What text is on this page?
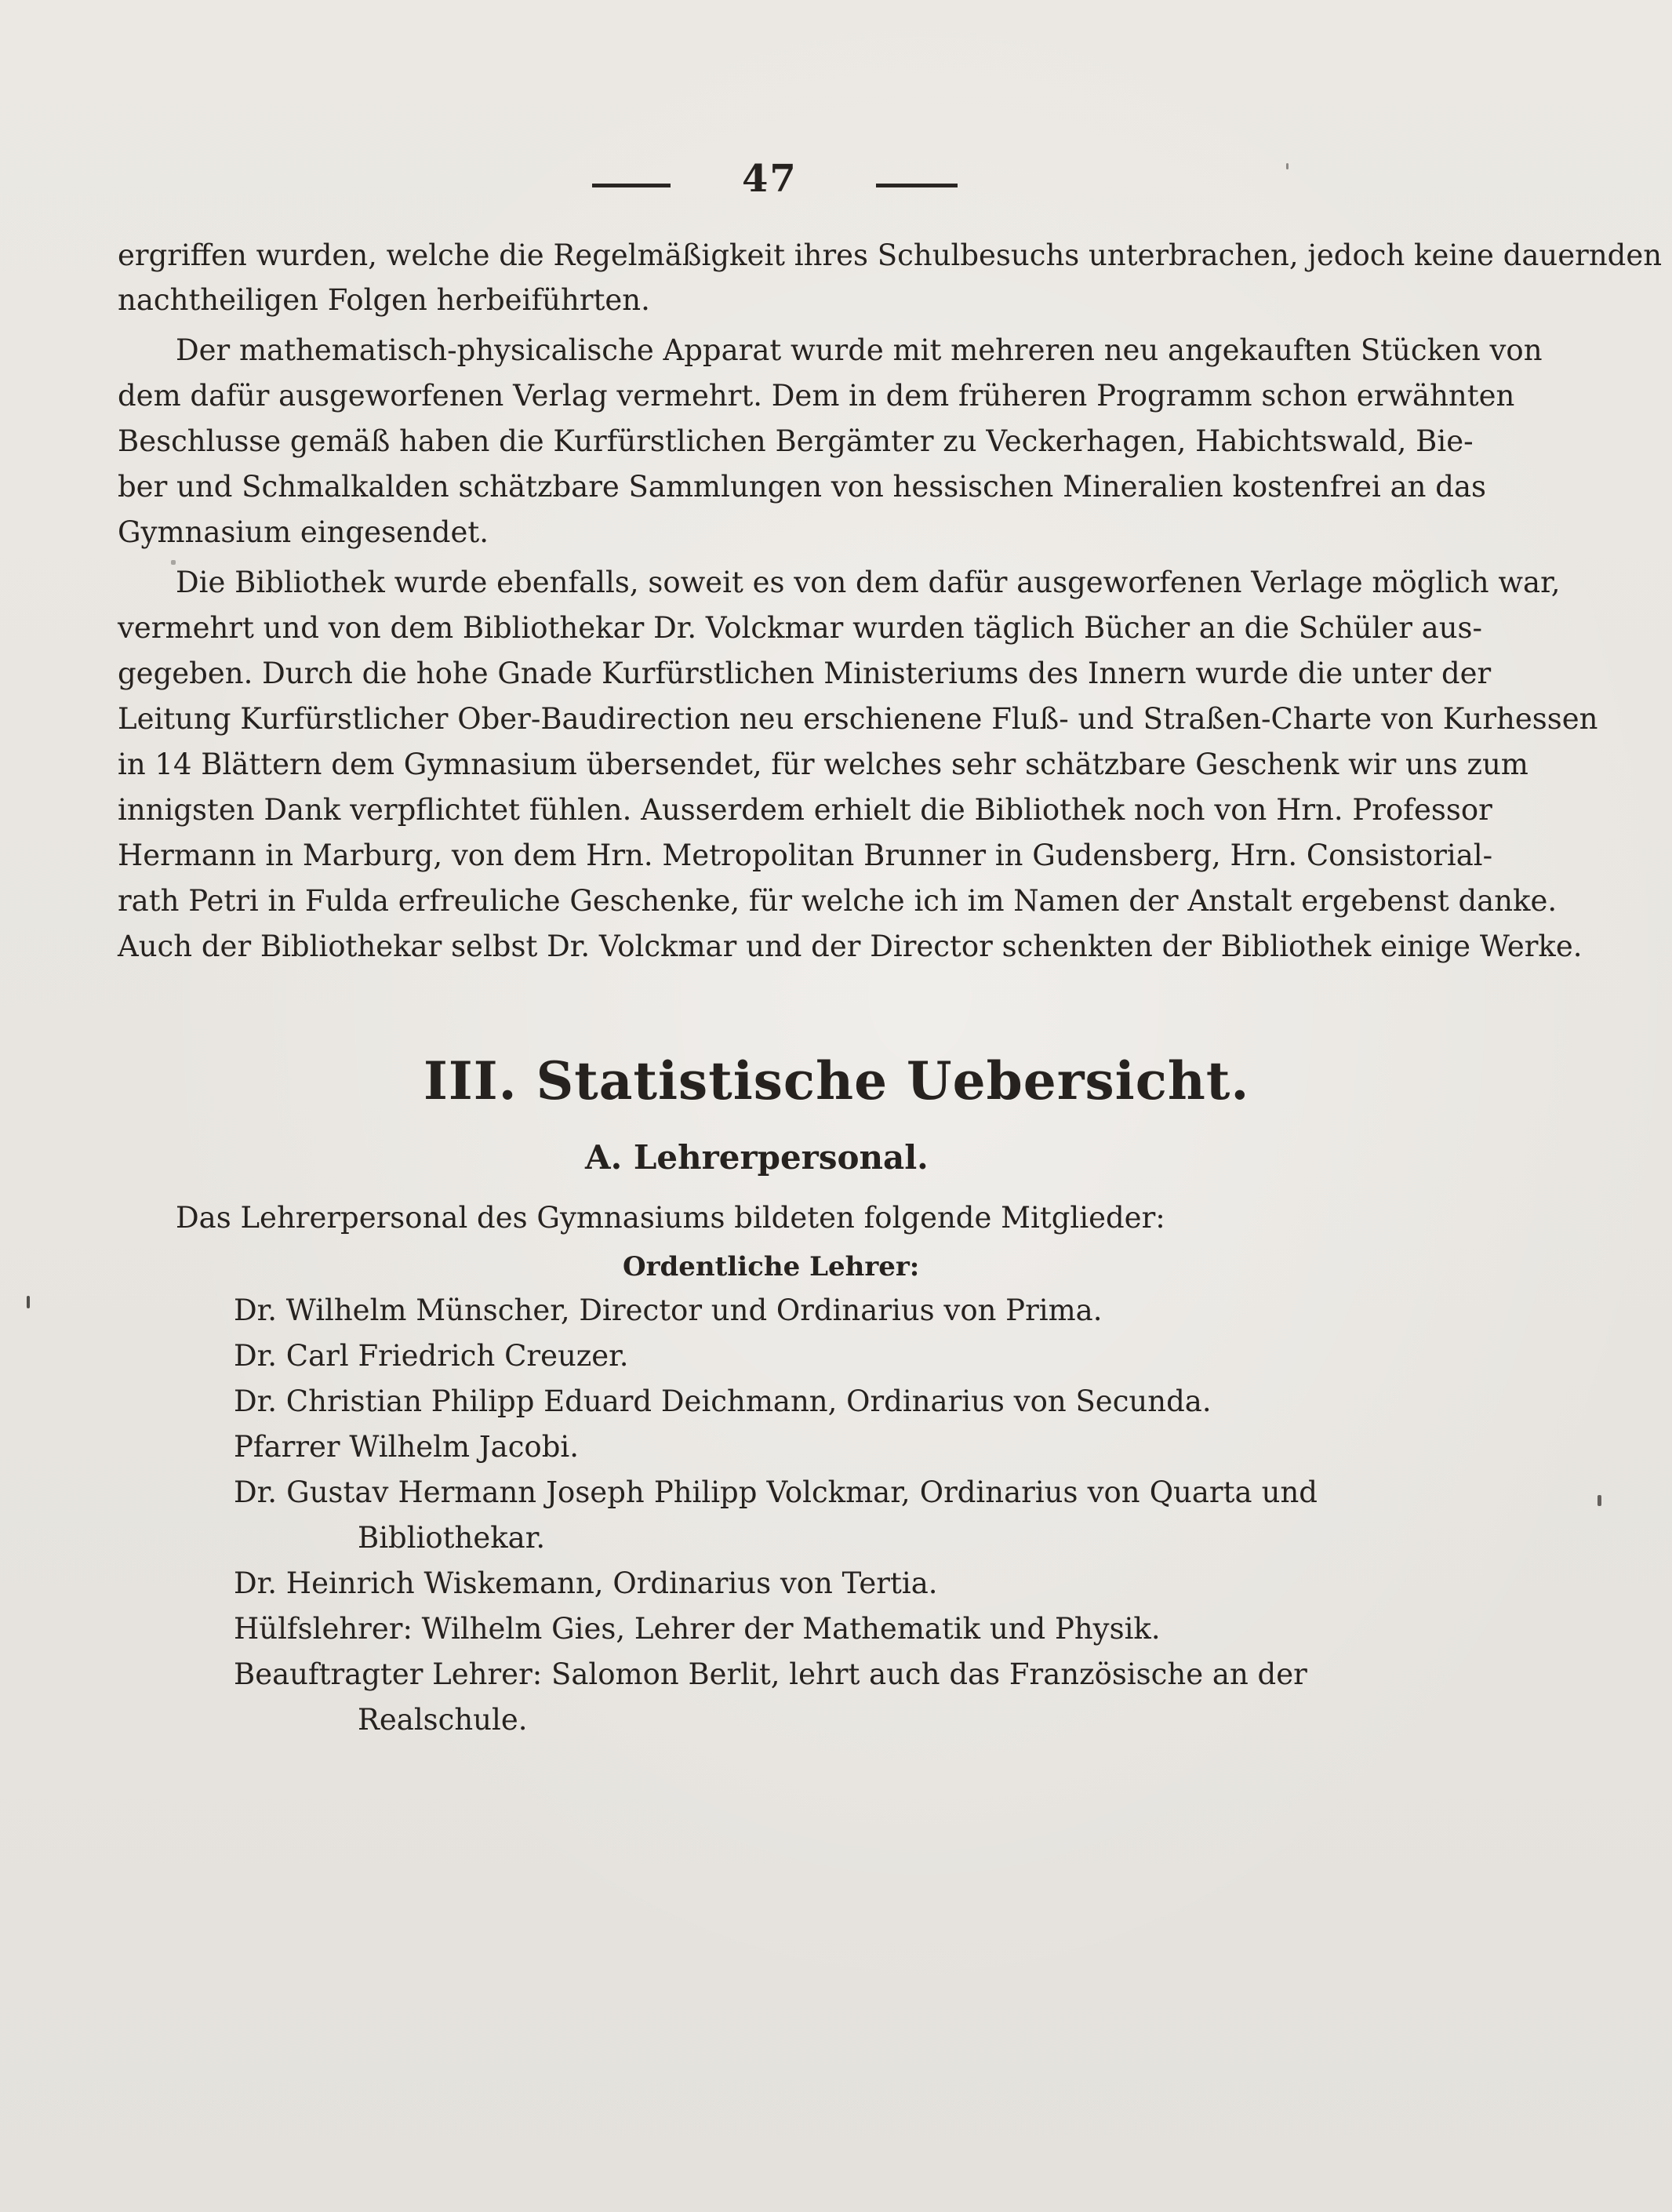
47
ergriffen wurden, welche die Regelmäßigkeit ihres Schulbesuchs unterbrachen, jedoch keine dauernden
nachtheiligen Folgen herbeiführten.
Der mathematisch-physicalische Apparat wurde mit mehreren neu angekauften Stücken von
dem dafür ausgeworfenen Verlag vermehrt. Dem in dem früheren Programm schon erwähnten
Beschlusse gemäß haben die Kurfürstlichen Bergämter zu Veckerhagen, Habichtswald, Bie-
ber und Schmalkalden schätzbare Sammlungen von hessischen Mineralien kostenfrei an das
Gymnasium eingesendet.
Die Bibliothek wurde ebenfalls, soweit es von dem dafür ausgeworfenen Verlage möglich war,
vermehrt und von dem Bibliothekar Dr. Volckmar wurden täglich Bücher an die Schüler aus-
gegeben. Durch die hohe Gnade Kurfürstlichen Ministeriums des Innern wurde die unter der
Leitung Kurfürstlicher Ober-Baudirection neu erschienene Fluß- und Straßen-Charte von Kurhessen
in 14 Blättern dem Gymnasium übersendet, für welches sehr schätzbare Geschenk wir uns zum
innigsten Dank verpflichtet fühlen. Ausserdem erhielt die Bibliothek noch von Hrn. Professor
Hermann in Marburg, von dem Hrn. Metropolitan Brunner in Gudensberg, Hrn. Consistorial-
rath Petri in Fulda erfreuliche Geschenke, für welche ich im Namen der Anstalt ergebenst danke.
Auch der Bibliothekar selbst Dr. Volckmar und der Director schenkten der Bibliothek einige Werke.
III. Statistische Uebersicht.
A. Lehrerpersonal.
Das Lehrerpersonal des Gymnasiums bildeten folgende Mitglieder:
Ordentliche Lehrer:
Dr. Wilhelm Münscher, Director und Ordinarius von Prima.
Dr. Carl Friedrich Creuzer.
Dr. Christian Philipp Eduard Deichmann, Ordinarius von Secunda.
Pfarrer Wilhelm Jacobi.
Dr. Gustav Hermann Joseph Philipp Volckmar, Ordinarius von Quarta und
Bibliothekar.
Dr. Heinrich Wiskemann, Ordinarius von Tertia.
Hülfslehrer: Wilhelm Gies, Lehrer der Mathematik und Physik.
Beauftragter Lehrer: Salomon Berlit, lehrt auch das Französische an der
Realschule.
